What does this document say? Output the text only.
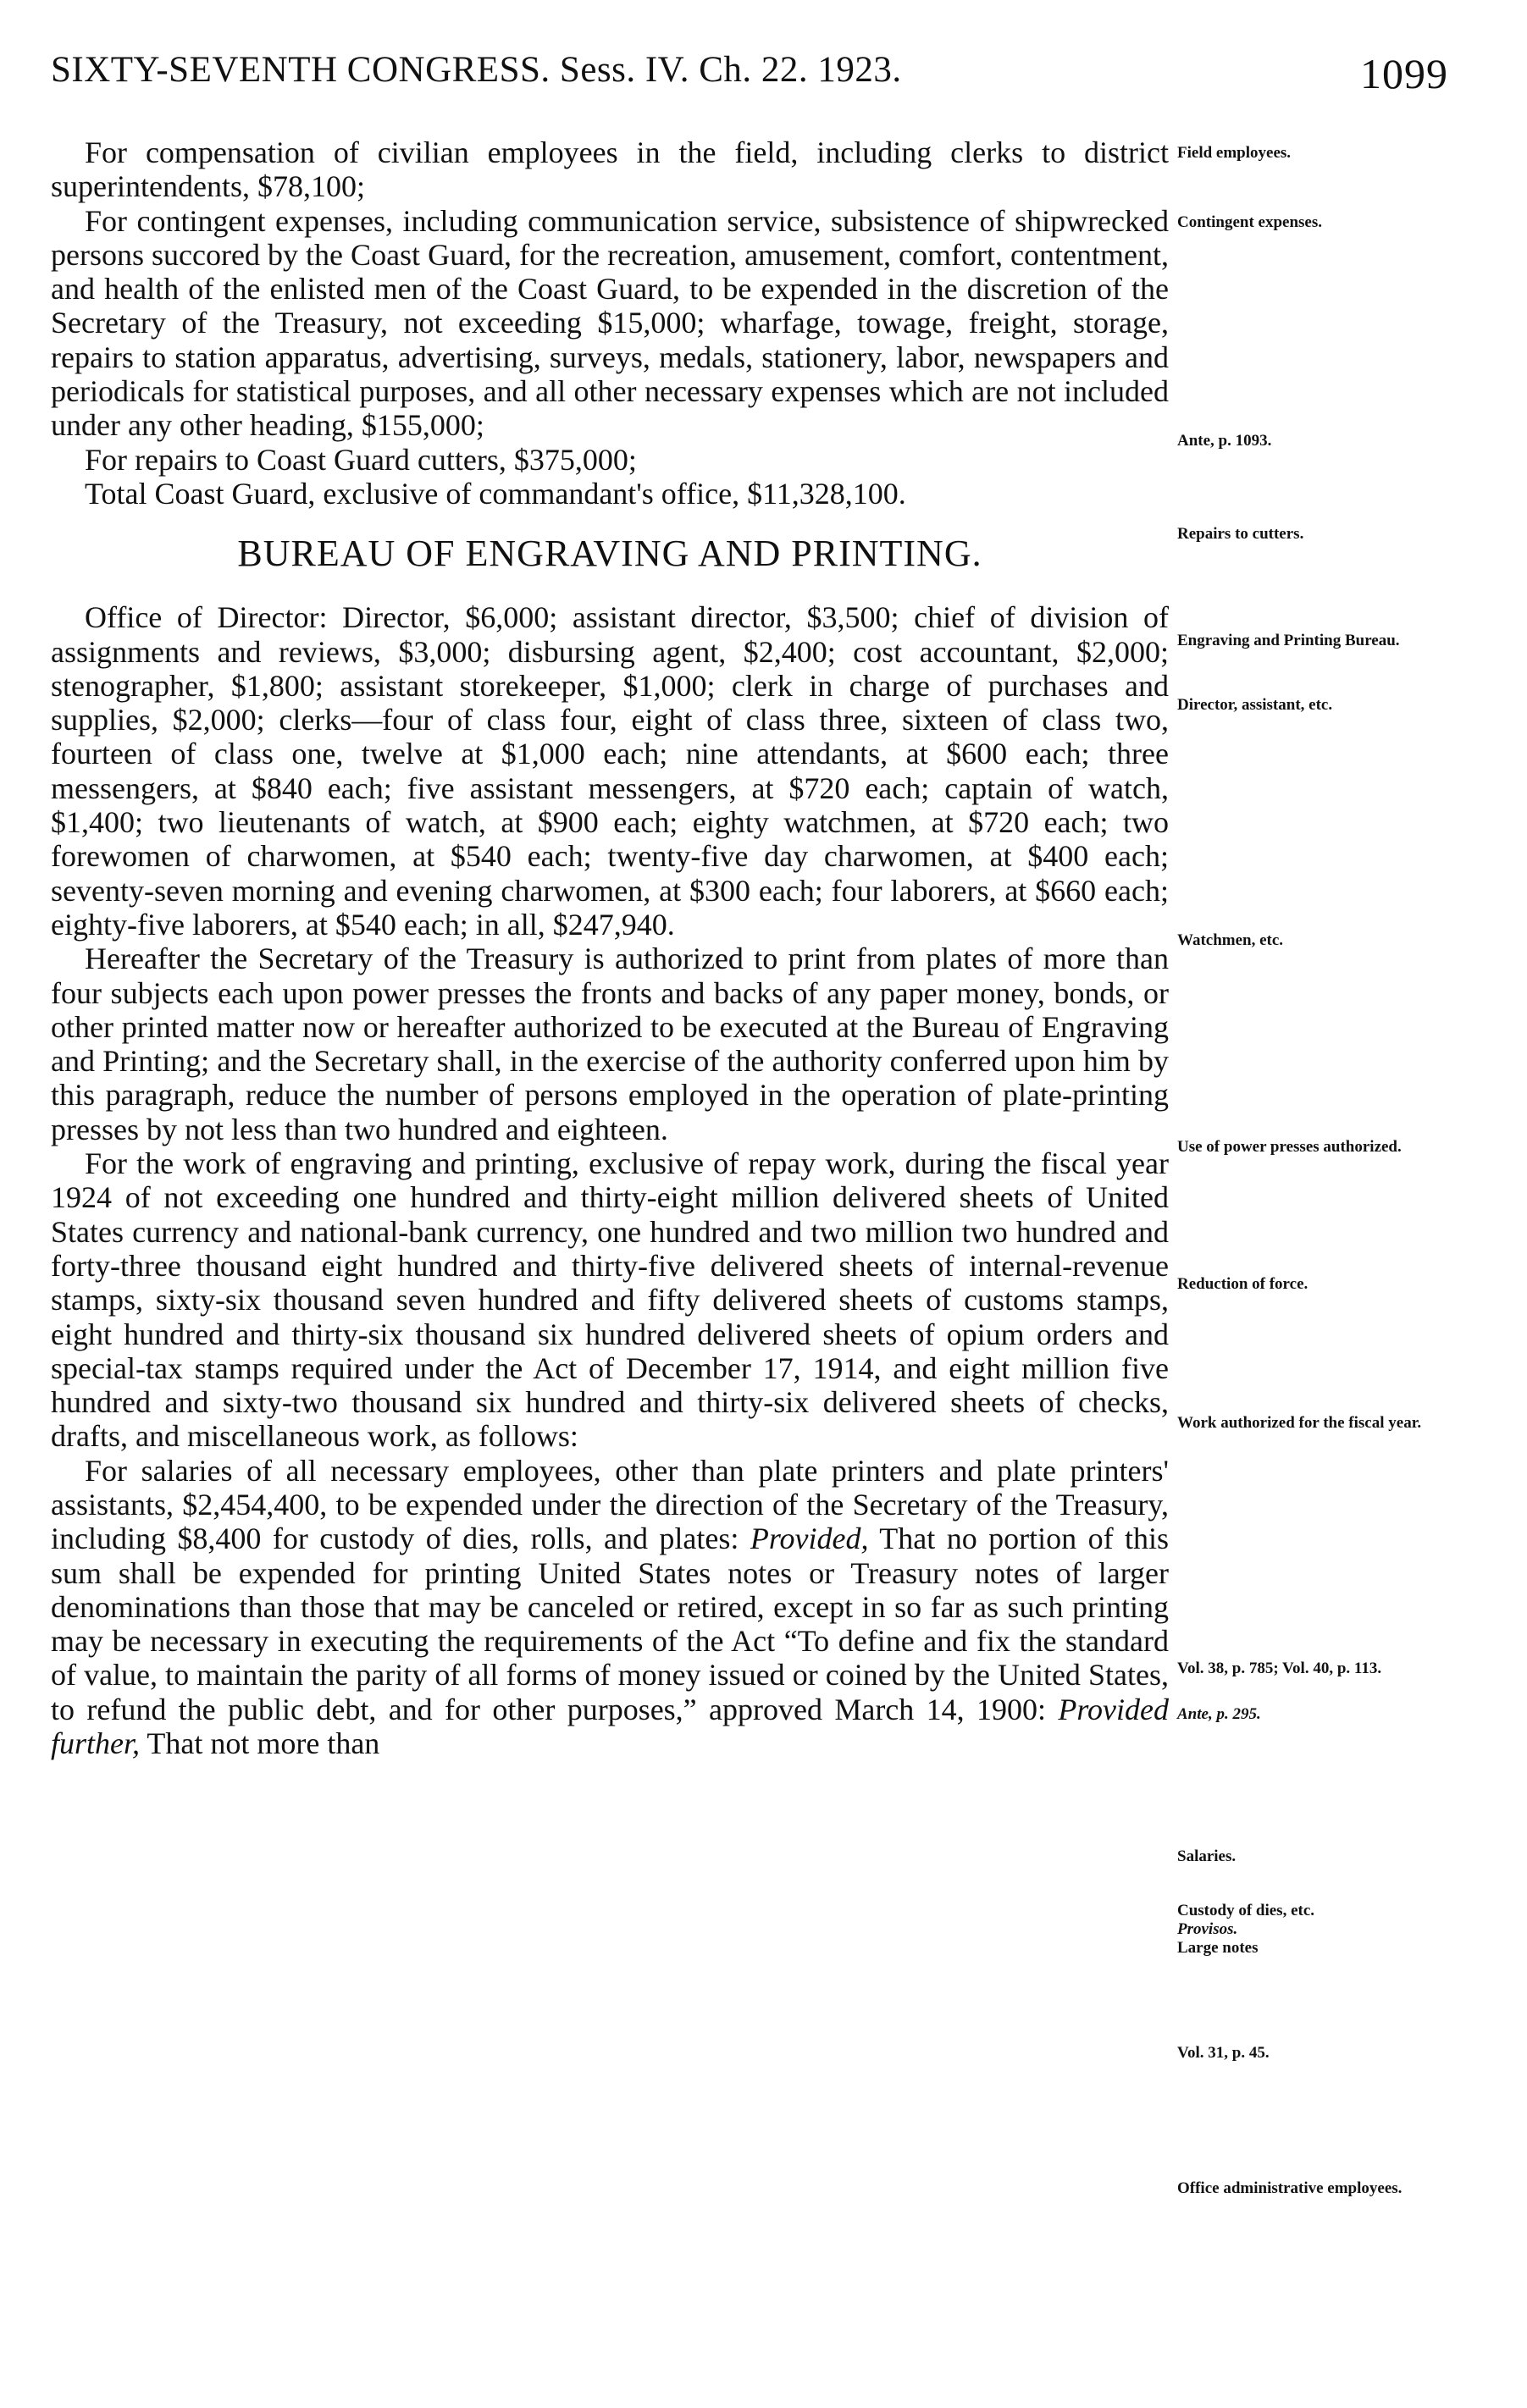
SIXTY-SEVENTH CONGRESS. Sess. IV. Ch. 22. 1923.	1099

For compensation of civilian employees in the field, including clerks to district superintendents, $78,100;

For contingent expenses, including communication service, subsistence of shipwrecked persons succored by the Coast Guard, for the recreation, amusement, comfort, contentment, and health of the enlisted men of the Coast Guard, to be expended in the discretion of the Secretary of the Treasury, not exceeding $15,000; wharfage, towage, freight, storage, repairs to station apparatus, advertising, surveys, medals, stationery, labor, newspapers and periodicals for statistical purposes, and all other necessary expenses which are not included under any other heading, $155,000;

For repairs to Coast Guard cutters, $375,000;

Total Coast Guard, exclusive of commandant's office, $11,328,100.

BUREAU OF ENGRAVING AND PRINTING.

Office of Director: Director, $6,000; assistant director, $3,500; chief of division of assignments and reviews, $3,000; disbursing agent, $2,400; cost accountant, $2,000; stenographer, $1,800; assistant storekeeper, $1,000; clerk in charge of purchases and supplies, $2,000; clerks—four of class four, eight of class three, sixteen of class two, fourteen of class one, twelve at $1,000 each; nine attendants, at $600 each; three messengers, at $840 each; five assistant messengers, at $720 each; captain of watch, $1,400; two lieutenants of watch, at $900 each; eighty watchmen, at $720 each; two forewomen of charwomen, at $540 each; twenty-five day charwomen, at $400 each; seventy-seven morning and evening charwomen, at $300 each; four laborers, at $660 each; eighty-five laborers, at $540 each; in all, $247,940.

Hereafter the Secretary of the Treasury is authorized to print from plates of more than four subjects each upon power presses the fronts and backs of any paper money, bonds, or other printed matter now or hereafter authorized to be executed at the Bureau of Engraving and Printing; and the Secretary shall, in the exercise of the authority conferred upon him by this paragraph, reduce the number of persons employed in the operation of plate-printing presses by not less than two hundred and eighteen.

For the work of engraving and printing, exclusive of repay work, during the fiscal year 1924 of not exceeding one hundred and thirty-eight million delivered sheets of United States currency and national-bank currency, one hundred and two million two hundred and forty-three thousand eight hundred and thirty-five delivered sheets of internal-revenue stamps, sixty-six thousand seven hundred and fifty delivered sheets of customs stamps, eight hundred and thirty-six thousand six hundred delivered sheets of opium orders and special-tax stamps required under the Act of December 17, 1914, and eight million five hundred and sixty-two thousand six hundred and thirty-six delivered sheets of checks, drafts, and miscellaneous work, as follows:

For salaries of all necessary employees, other than plate printers and plate printers' assistants, $2,454,400, to be expended under the direction of the Secretary of the Treasury, including $8,400 for custody of dies, rolls, and plates: Provided, That no portion of this sum shall be expended for printing United States notes or Treasury notes of larger denominations than those that may be canceled or retired, except in so far as such printing may be necessary in executing the requirements of the Act “To define and fix the standard of value, to maintain the parity of all forms of money issued or coined by the United States, to refund the public debt, and for other purposes,” approved March 14, 1900: Provided further, That not more than

Field employees.
Contingent expenses.
Ante, p. 1093.
Repairs to cutters.
Engraving and Printing Bureau.
Director, assistant, etc.
Watchmen, etc.
Use of power presses authorized.
Reduction of force.
Work authorized for the fiscal year.
Vol. 38, p. 785; Vol. 40, p. 113.
Ante, p. 295.
Salaries.
Custody of dies, etc.
Provisos.
Large notes
Vol. 31, p. 45.
Office administrative employees.
